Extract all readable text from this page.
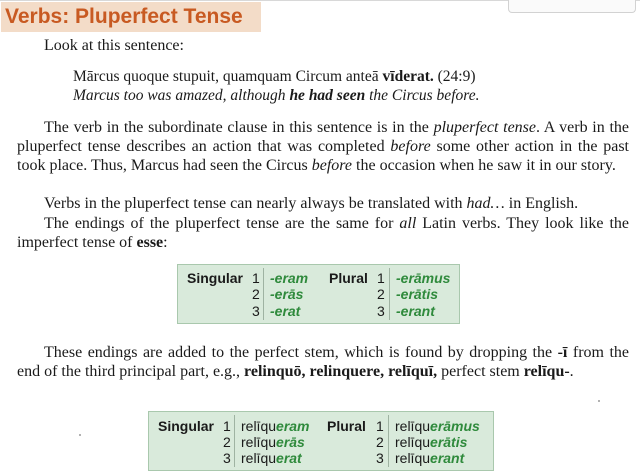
Verbs: Pluperfect Tense
Look at this sentence:
Mārcus quoque stupuit, quamquam Circum anteā vīderat. (24:9)
Marcus too was amazed, although he had seen the Circus before.
The verb in the subordinate clause in this sentence is in the pluperfect tense. A verb in the pluperfect tense describes an action that was completed before some other action in the past took place. Thus, Marcus had seen the Circus before the occasion when he saw it in our story.
Verbs in the pluperfect tense can nearly always be translated with had… in English.
The endings of the pluperfect tense are the same for all Latin verbs. They look like the imperfect tense of esse:
Singular 1
2
3
-eram
-erās
-erat
Plural 1
2
3
-erāmus
-erātis
-erant
These endings are added to the perfect stem, which is found by dropping the -ī from the end of the third principal part, e.g., relinquō, relinquere, relīquī, perfect stem relīqu-.
Singular 1
2
3
relīqueram
relīquerās
relīquerat
Plural 1
2
3
relīquerāmus
relīquerātis
relīquerant
